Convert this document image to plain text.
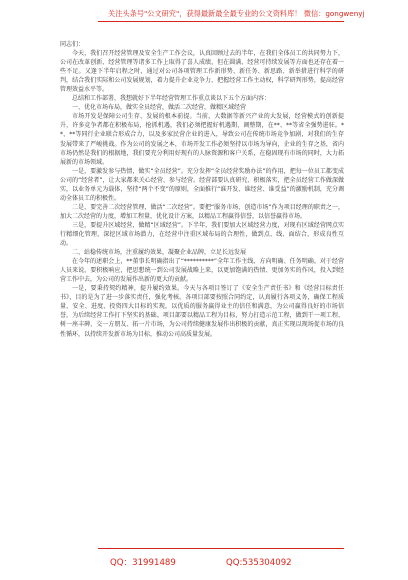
关注头条号"公文研究"，获得最新最全最专业的公文资料库！ 微信：gongwenyj

同志们：

今天，我们召开经营管理及安全生产工作会议，认真回顾过去的半年，在我们全体员工的共同努力下，公司在改革创新、经营管理等诸多工作上取得了喜人成绩，但在圆满、经营可持续发展等方面也还存在着一些不足。又逢下半年启程之时，通过对公司各项管理工作新形势、新任务、新思路、新举措进行科学的研判，结合我们实际和公司发展规划，着力提升企业竞争力，把握经营工作主动权，科学研判形势，提高经营管理效益水平等。

总结和工作部署，我想就好下半年经营管理工作重点谈以下五个方面内容：

一、优化市场布局，做实全员经营，做活二次经营，做精区域经营

市场开发是保障公司生存、发展的根本前提。当前，大数据等新兴产业的大发展，经营模式的创新提升，许多竞争者都在积极布局，抢抓机遇，我们必须把握好机遇期、调整期，在**、**等省全强势进驻。**、**等同行企业联合形成合力，以及多家民营企业的进入，导致公司在传统市场竞争加剧，对我们的生存发展带来了严峻挑战。作为公司的发展之本，市场开发工作必须坚持以市场为导向，企业的生存之基，省内市场仍然是我们的根据地，我们要充分利用好现有的人脉资源和客户关系，在稳固现有市场的同时，大力拓展新的市场领域。

一是，要激发参与热情，做实“全员经营”。充分发挥“全员经营奖励办法”的作用，把每一位员工都变成公司的“经营者”，让大家都来关心经营、参与经营。经营部要认真研究、积极落实，把全员经营工作做深做实，以业务单元为载体，坚持“两个不变”的原则，全面推行“谁开发、谁经营、谁受益”的激励机制，充分调动全体员工的积极性。

二是，要完善二次经营管理，做活“二次经营”。要把“服务市场、创造市场”作为项目经理的职责之一，加大二次经营的力度，增加工程量，优化设计方案，以精品工程赢得信誉，以信誉赢得市场。

三是，要提升区域经营，做精“区域经营”。下半年，我们要加大区域经营力度，对现有区域经营网点实行精细化管理，深挖区域市场潜力，在经营中注重区域布局的合理性，做到点、线、面结合，形成良性互动。

二、站稳传统市场，注重履约效果，凝聚企业品牌，立足长远发展

在今年的述职会上，**董事长明确指出了“**********”全年工作主线、方向明确、任务明确。对于经营人员来说，要积极响应，把思想统一到公司发展战略上来，以更加饱满的热情、更加务实的作风，投入到经营工作中去，为公司的发展作出新的更大的贡献。

一是，要秉持契约精神，提升履约效果。今天与各项目签订了《安全生产责任书》和《经营目标责任书》，目的是为了进一步落实责任，强化考核。各项目部要按照合同约定，认真履行各项义务，确保工程质量、安全、进度、投资四大目标的实现，以优质的服务赢得业主的信任和满意，为公司赢得良好的市场信誉，为后续经营工作打下坚实的基础。项目部要以精品工程为目标，努力打造示范工程，做到干一项工程、树一座丰碑、交一方朋友、拓一片市场，为公司持续健康发展作出积极的贡献，真正实现以现场促市场的良性循环，以持续开发新市场为目标，推动公司高质量发展。

QQ：31991489	QQ:535304092
